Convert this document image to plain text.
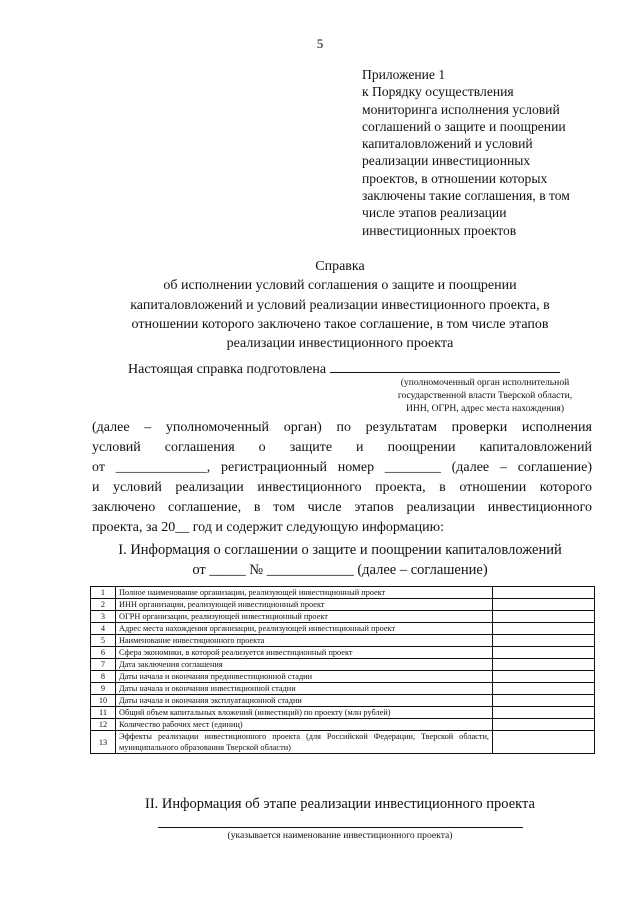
5
Приложение 1
к Порядку осуществления
мониторинга исполнения условий
соглашений о защите и поощрении
капиталовложений и условий
реализации инвестиционных
проектов, в отношении которых
заключены такие соглашения, в том
числе этапов реализации
инвестиционных проектов
Справка
об исполнении условий соглашения о защите и поощрении
капиталовложений и условий реализации инвестиционного проекта, в
отношении которого заключено такое соглашение, в том числе этапов
реализации инвестиционного проекта
Настоящая справка подготовлена
(уполномоченный орган исполнительной
государственной власти Тверской области,
ИНН, ОГРН, адрес места нахождения)
(далее – уполномоченный орган) по результатам проверки исполнения
условий соглашения о защите и поощрении капиталовложений
от _____________, регистрационный номер ________ (далее – соглашение)
и условий реализации инвестиционного проекта, в отношении которого
заключено соглашение, в том числе этапов реализации инвестиционного
проекта, за 20__ год и содержит следующую информацию:
I. Информация о соглашении о защите и поощрении капиталовложений
от _____ № ____________ (далее – соглашение)
1	Полное наименование организации, реализующей инвестиционный проект	
2	ИНН организации, реализующей инвестиционный проект	
3	ОГРН организации, реализующей инвестиционный проект	
4	Адрес места нахождения организации, реализующей инвестиционный проект	
5	Наименование инвестиционного проекта	
6	Сфера экономики, в которой реализуется инвестиционный проект	
7	Дата заключения соглашения	
8	Даты начала и окончания прединвестиционной стадии	
9	Даты начала и окончания инвестиционной стадии	
10	Даты начала и окончания эксплуатационной стадии	
11	Общий объем капитальных вложений (инвестиций) по проекту (млн рублей)	
12	Количество рабочих мест (единиц)	
13	Эффекты реализации инвестиционного проекта (для Российской Федерации, Тверской области, муниципального образования Тверской области)	
II. Информация об этапе реализации инвестиционного проекта
(указывается наименование инвестиционного проекта)
